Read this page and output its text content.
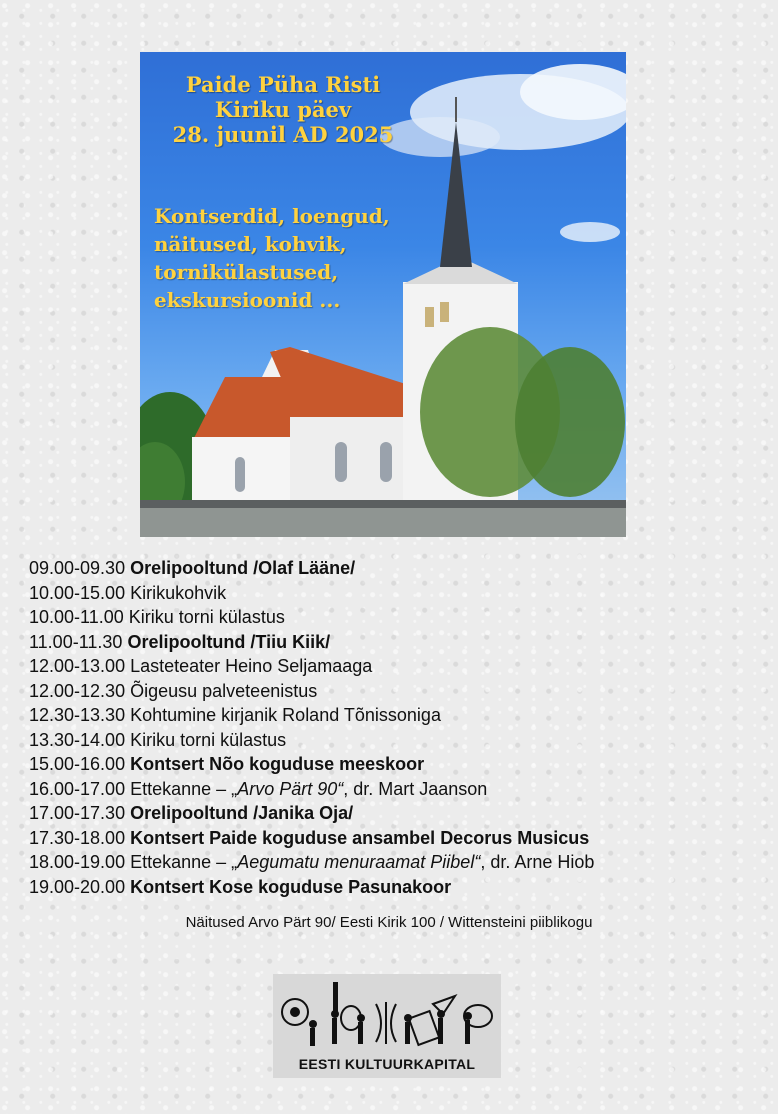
Paide Püha Risti
Kiriku päev
28. juunil AD 2025
Kontserdid, loengud,
näitused, kohvik,
tornikülastused,
ekskursioonid ...
09.00-09.30 Orelipooltund /Olaf Lääne/
10.00-15.00 Kirikukohvik
10.00-11.00 Kiriku torni külastus
11.00-11.30 Orelipooltund /Tiiu Kiik/
12.00-13.00 Lasteteater Heino Seljamaaga
12.00-12.30 Õigeusu palveteenistus
12.30-13.30 Kohtumine kirjanik Roland Tõnissoniga
13.30-14.00 Kiriku torni külastus
15.00-16.00 Kontsert Nõo koguduse meeskoor
16.00-17.00 Ettekanne – „Arvo Pärt 90“, dr. Mart Jaanson
17.00-17.30 Orelipooltund /Janika Oja/
17.30-18.00 Kontsert Paide koguduse ansambel Decorus Musicus
18.00-19.00 Ettekanne – „Aegumatu menuraamat Piibel“, dr. Arne Hiob
19.00-20.00 Kontsert Kose koguduse Pasunakoor
Näitused Arvo Pärt 90/ Eesti Kirik 100 / Wittensteini piiblikogu
EESTI KULTUURKAPITAL
